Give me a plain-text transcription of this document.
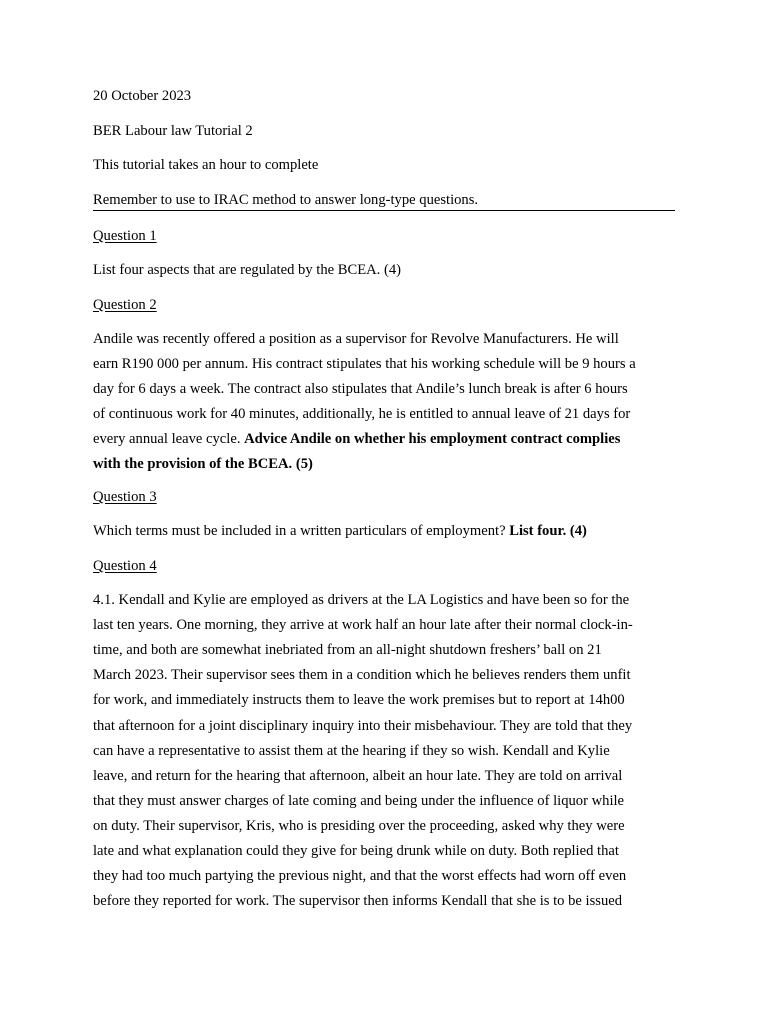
20 October 2023
BER Labour law Tutorial 2
This tutorial takes an hour to complete
Remember to use to IRAC method to answer long-type questions.
Question 1
List four aspects that are regulated by the BCEA. (4)
Question 2
Andile was recently offered a position as a supervisor for Revolve Manufacturers. He will
earn R190 000 per annum. His contract stipulates that his working schedule will be 9 hours a
day for 6 days a week. The contract also stipulates that Andile’s lunch break is after 6 hours
of continuous work for 40 minutes, additionally, he is entitled to annual leave of 21 days for
every annual leave cycle. Advice Andile on whether his employment contract complies
with the provision of the BCEA. (5)
Question 3
Which terms must be included in a written particulars of employment? List four. (4)
Question 4
4.1. Kendall and Kylie are employed as drivers at the LA Logistics and have been so for the
last ten years. One morning, they arrive at work half an hour late after their normal clock-in-
time, and both are somewhat inebriated from an all-night shutdown freshers’ ball on 21
March 2023. Their supervisor sees them in a condition which he believes renders them unfit
for work, and immediately instructs them to leave the work premises but to report at 14h00
that afternoon for a joint disciplinary inquiry into their misbehaviour. They are told that they
can have a representative to assist them at the hearing if they so wish. Kendall and Kylie
leave, and return for the hearing that afternoon, albeit an hour late. They are told on arrival
that they must answer charges of late coming and being under the influence of liquor while
on duty. Their supervisor, Kris, who is presiding over the proceeding, asked why they were
late and what explanation could they give for being drunk while on duty. Both replied that
they had too much partying the previous night, and that the worst effects had worn off even
before they reported for work. The supervisor then informs Kendall that she is to be issued
